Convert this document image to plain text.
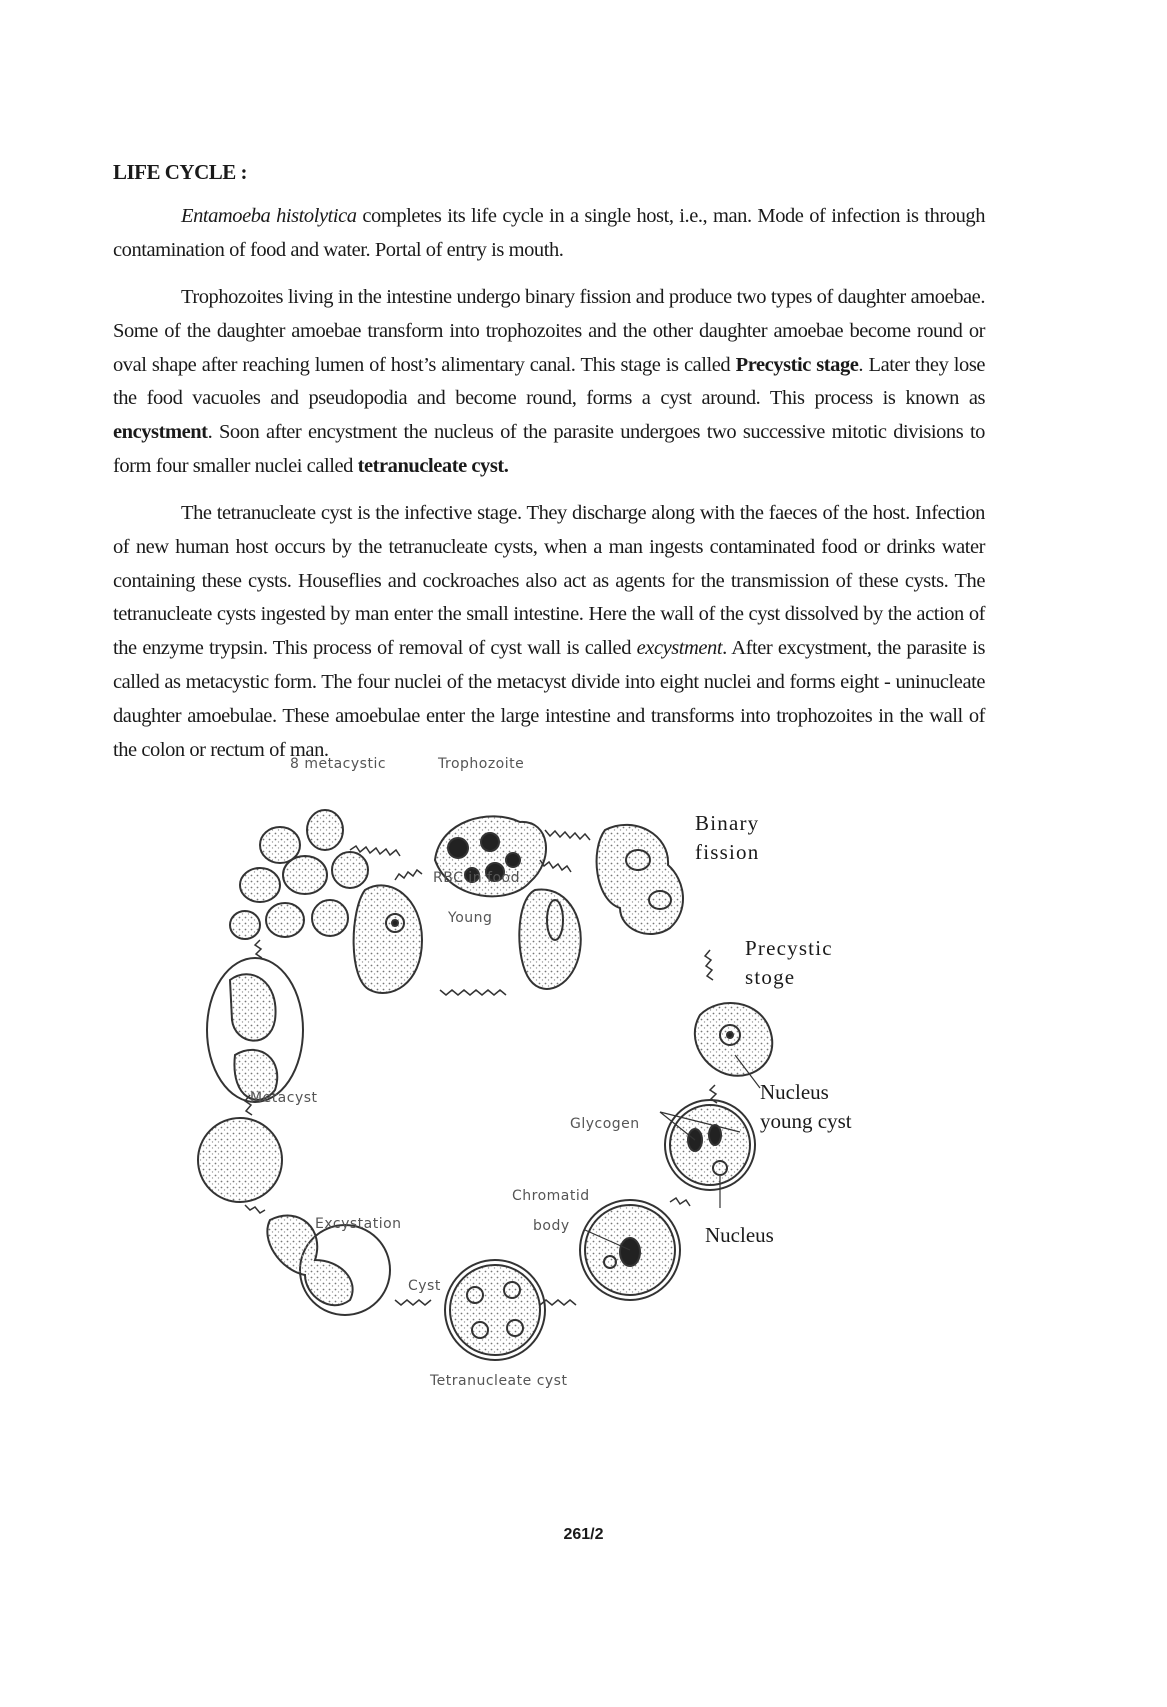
LIFE CYCLE :

Entamoeba histolytica completes its life cycle in a single host, i.e., man. Mode of infection is through contamination of food and water. Portal of entry is mouth.

Trophozoites living in the intestine undergo binary fission and produce two types of daughter amoebae. Some of the daughter amoebae transform into trophozoites and the other daughter amoebae become round or oval shape after reaching lumen of host’s alimentary canal. This stage is called Precystic stage. Later they lose the food vacuoles and pseudopodia and become round, forms a cyst around. This process is known as encystment. Soon after encystment the nucleus of the parasite undergoes two successive mitotic divisions to form four smaller nuclei called tetranucleate cyst.

The tetranucleate cyst is the infective stage. They discharge along with the faeces of the host. Infection of new human host occurs by the tetranucleate cysts, when a man ingests contaminated food or drinks water containing these cysts. Houseflies and cockroaches also act as agents for the transmission of these cysts. The tetranucleate cysts ingested by man enter the small intestine. Here the wall of the cyst dissolved by the action of the enzyme trypsin. This process of removal of cyst wall is called excystment. After excystment, the parasite is called as metacystic form. The four nuclei of the metacyst divide into eight nuclei and forms eight - uninucleate daughter amoebulae. These amoebulae enter the large intestine and transforms into trophozoites in the wall of the colon or rectum of man.

8 metacystic	Trophozoite
Binary
fission
RBC in food
Young
Precystic
stoge
Metacyst	Nucleus
young cyst
Glycogen
Chromatid
body
Excystation	Nucleus
Cyst
Tetranucleate cyst
261/2
